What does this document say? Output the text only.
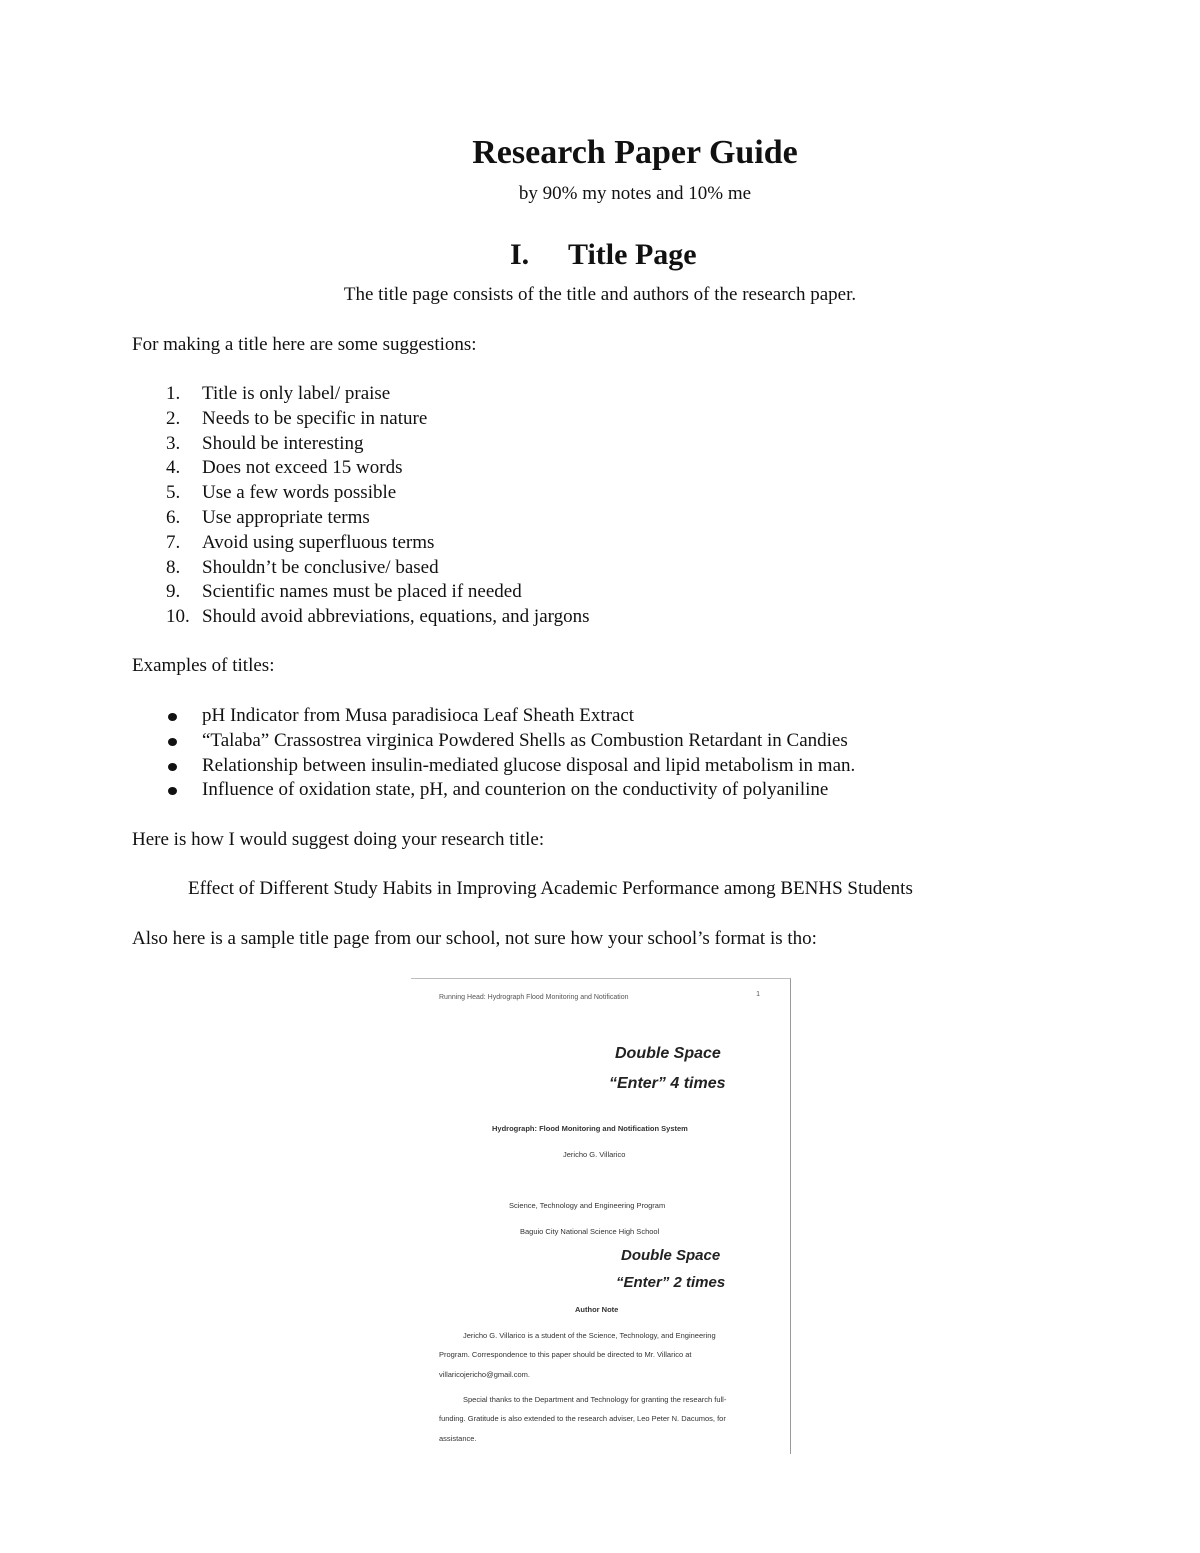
Research Paper Guide

by 90% my notes and 10% me

I. Title Page

The title page consists of the title and authors of the research paper.

For making a title here are some suggestions:

1. Title is only label/ praise
2. Needs to be specific in nature
3. Should be interesting
4. Does not exceed 15 words
5. Use a few words possible
6. Use appropriate terms
7. Avoid using superfluous terms
8. Shouldn’t be conclusive/ based
9. Scientific names must be placed if needed
10. Should avoid abbreviations, equations, and jargons

Examples of titles:

pH Indicator from Musa paradisioca Leaf Sheath Extract
“Talaba” Crassostrea virginica Powdered Shells as Combustion Retardant in Candies
Relationship between insulin-mediated glucose disposal and lipid metabolism in man.
Influence of oxidation state, pH, and counterion on the conductivity of polyaniline

Here is how I would suggest doing your research title:

Effect of Different Study Habits in Improving Academic Performance among BENHS Students

Also here is a sample title page from our school, not sure how your school’s format is tho:

Running Head: Hydrograph Flood Monitoring and Notification	1
Double Space
“Enter” 4 times
Hydrograph: Flood Monitoring and Notification System
Jericho G. Villarico
Science, Technology and Engineering Program
Baguio City National Science High School
Double Space
“Enter” 2 times
Author Note
Jericho G. Villarico is a student of the Science, Technology, and Engineering
Program. Correspondence to this paper should be directed to Mr. Villarico at
villaricojericho@gmail.com.
Special thanks to the Department and Technology for granting the research full-
funding. Gratitude is also extended to the research adviser, Leo Peter N. Dacumos, for
assistance.
